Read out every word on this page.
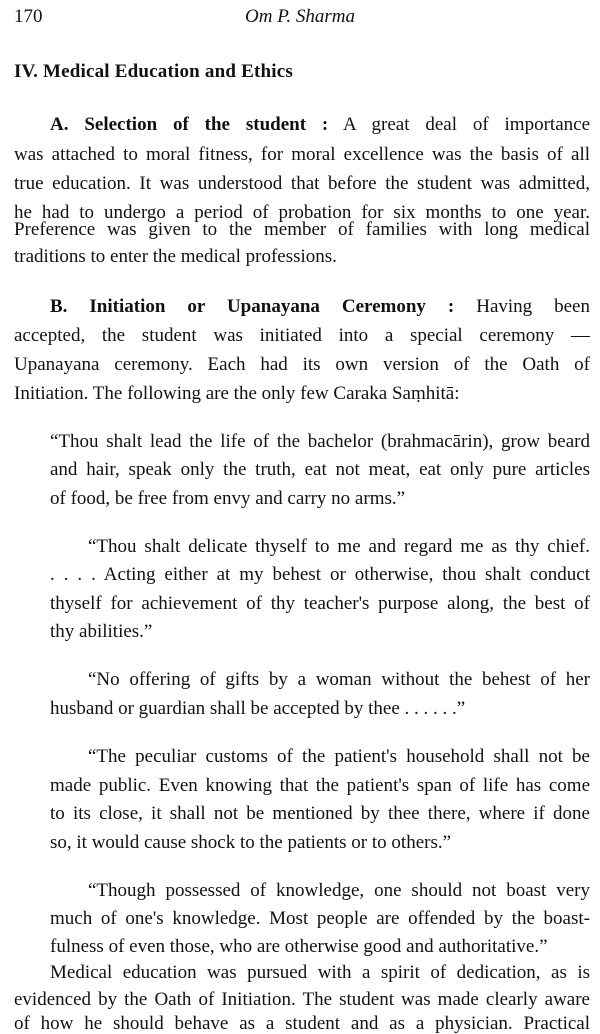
170	Om P. Sharma
IV. Medical Education and Ethics
A. Selection of the student : A great deal of importance
was attached to moral fitness, for moral excellence was the basis of all
true education. It was understood that before the student was admitted,
he had to undergo a period of probation for six months to one year.
Preference was given to the member of families with long medical
traditions to enter the medical professions.
B. Initiation or Upanayana Ceremony : Having been
accepted, the student was initiated into a special ceremony —
Upanayana ceremony. Each had its own version of the Oath of
Initiation. The following are the only few Caraka Saṃhitā:
“Thou shalt lead the life of the bachelor (brahmacārin), grow beard
and hair, speak only the truth, eat not meat, eat only pure articles
of food, be free from envy and carry no arms.”
“Thou shalt delicate thyself to me and regard me as thy chief.
. . . . Acting either at my behest or otherwise, thou shalt conduct
thyself for achievement of thy teacher's purpose along, the best of
thy abilities.”
“No offering of gifts by a woman without the behest of her
husband or guardian shall be accepted by thee . . . . . .”
“The peculiar customs of the patient's household shall not be
made public. Even knowing that the patient's span of life has come
to its close, it shall not be mentioned by thee there, where if done
so, it would cause shock to the patients or to others.”
“Though possessed of knowledge, one should not boast very
much of one's knowledge. Most people are offended by the boast-
fulness of even those, who are otherwise good and authoritative.”
Medical education was pursued with a spirit of dedication, as is
evidenced by the Oath of Initiation. The student was made clearly aware
of how he should behave as a student and as a physician. Practical
